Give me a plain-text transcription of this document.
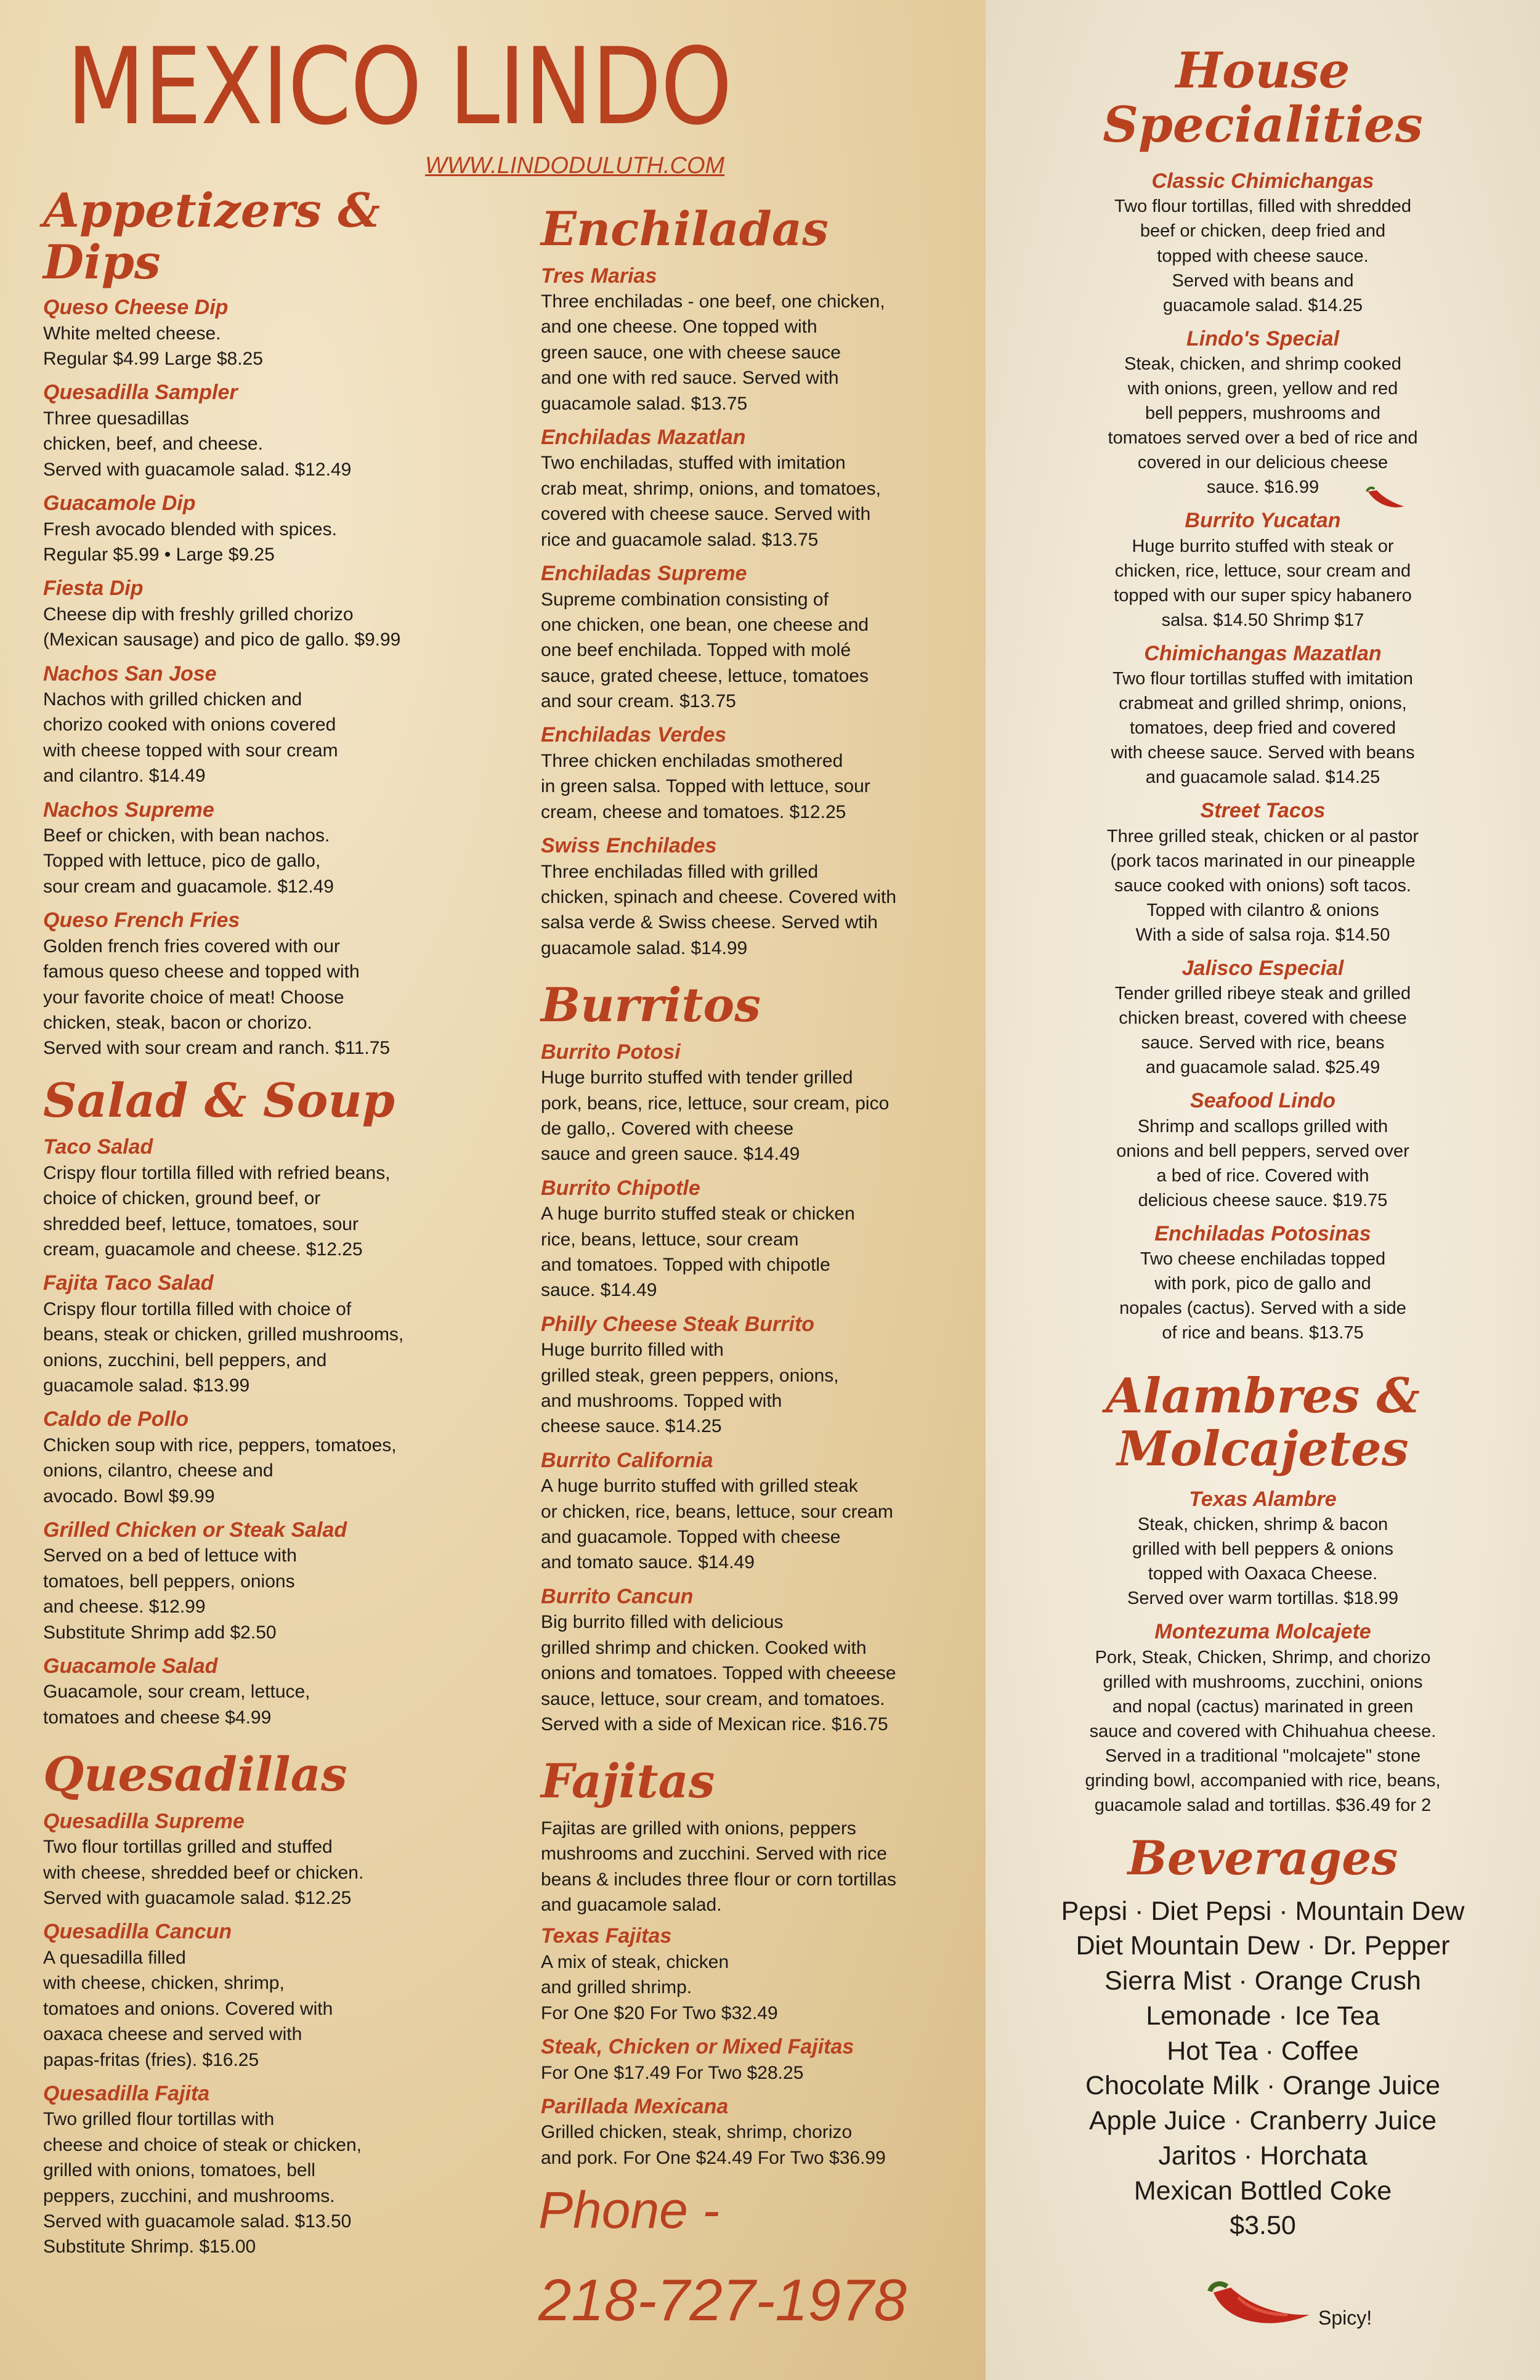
MEXICO LINDO
WWW.LINDODULUTH.COM
Appetizers & Dips
Queso Cheese Dip
White melted cheese.
Regular $4.99 Large $8.25
Quesadilla Sampler
Three quesadillas
chicken, beef, and cheese.
Served with guacamole salad. $12.49
Guacamole Dip
Fresh avocado blended with spices.
Regular $5.99 • Large $9.25
Fiesta Dip
Cheese dip with freshly grilled chorizo
(Mexican sausage) and pico de gallo. $9.99
Nachos San Jose
Nachos with grilled chicken and
chorizo cooked with onions covered
with cheese topped with sour cream
and cilantro. $14.49
Nachos Supreme
Beef or chicken, with bean nachos.
Topped with lettuce, pico de gallo,
sour cream and guacamole. $12.49
Queso French Fries
Golden french fries covered with our
famous queso cheese and topped with
your favorite choice of meat! Choose
chicken, steak, bacon or chorizo.
Served with sour cream and ranch. $11.75
Salad & Soup
Taco Salad
Crispy flour tortilla filled with refried beans,
choice of chicken, ground beef, or
shredded beef, lettuce, tomatoes, sour
cream, guacamole and cheese. $12.25
Fajita Taco Salad
Crispy flour tortilla filled with choice of
beans, steak or chicken, grilled mushrooms,
onions, zucchini, bell peppers, and
guacamole salad. $13.99
Caldo de Pollo
Chicken soup with rice, peppers, tomatoes,
onions, cilantro, cheese and
avocado. Bowl $9.99
Grilled Chicken or Steak Salad
Served on a bed of lettuce with
tomatoes, bell peppers, onions
and cheese. $12.99
Substitute Shrimp add $2.50
Guacamole Salad
Guacamole, sour cream, lettuce,
tomatoes and cheese $4.99
Quesadillas
Quesadilla Supreme
Two flour tortillas grilled and stuffed
with cheese, shredded beef or chicken.
Served with guacamole salad. $12.25
Quesadilla Cancun
A quesadilla filled
with cheese, chicken, shrimp,
tomatoes and onions. Covered with
oaxaca cheese and served with
papas-fritas (fries). $16.25
Quesadilla Fajita
Two grilled flour tortillas with
cheese and choice of steak or chicken,
grilled with onions, tomatoes, bell
peppers, zucchini, and mushrooms.
Served with guacamole salad. $13.50
Substitute Shrimp. $15.00
Enchiladas
Tres Marias
Three enchiladas - one beef, one chicken,
and one cheese. One topped with
green sauce, one with cheese sauce
and one with red sauce. Served with
guacamole salad. $13.75
Enchiladas Mazatlan
Two enchiladas, stuffed with imitation
crab meat, shrimp, onions, and tomatoes,
covered with cheese sauce. Served with
rice and guacamole salad. $13.75
Enchiladas Supreme
Supreme combination consisting of
one chicken, one bean, one cheese and
one beef enchilada. Topped with molé
sauce, grated cheese, lettuce, tomatoes
and sour cream. $13.75
Enchiladas Verdes
Three chicken enchiladas smothered
in green salsa. Topped with lettuce, sour
cream, cheese and tomatoes. $12.25
Swiss Enchilades
Three enchiladas filled with grilled
chicken, spinach and cheese. Covered with
salsa verde & Swiss cheese. Served wtih
guacamole salad. $14.99
Burritos
Burrito Potosi
Huge burrito stuffed with tender grilled
pork, beans, rice, lettuce, sour cream, pico
de gallo,. Covered with cheese
sauce and green sauce. $14.49
Burrito Chipotle
A huge burrito stuffed steak or chicken
rice, beans, lettuce, sour cream
and tomatoes. Topped with chipotle
sauce. $14.49
Philly Cheese Steak Burrito
Huge burrito filled with
grilled steak, green peppers, onions,
and mushrooms. Topped with
cheese sauce. $14.25
Burrito California
A huge burrito stuffed with grilled steak
or chicken, rice, beans, lettuce, sour cream
and guacamole. Topped with cheese
and tomato sauce. $14.49
Burrito Cancun
Big burrito filled with delicious
grilled shrimp and chicken. Cooked with
onions and tomatoes. Topped with cheeese
sauce, lettuce, sour cream, and tomatoes.
Served with a side of Mexican rice. $16.75
Fajitas
Fajitas are grilled with onions, peppers
mushrooms and zucchini. Served with rice
beans & includes three flour or corn tortillas
and guacamole salad.
Texas Fajitas
A mix of steak, chicken
and grilled shrimp.
For One $20 For Two $32.49
Steak, Chicken or Mixed Fajitas
For One $17.49 For Two $28.25
Parillada Mexicana
Grilled chicken, steak, shrimp, chorizo
and pork. For One $24.49 For Two $36.99
Phone -
218-727-1978
House Specialities
Classic Chimichangas
Two flour tortillas, filled with shredded
beef or chicken, deep fried and
topped with cheese sauce.
Served with beans and
guacamole salad. $14.25
Lindo's Special
Steak, chicken, and shrimp cooked
with onions, green, yellow and red
bell peppers, mushrooms and
tomatoes served over a bed of rice and
covered in our delicious cheese
sauce. $16.99
Burrito Yucatan
Huge burrito stuffed with steak or
chicken, rice, lettuce, sour cream and
topped with our super spicy habanero
salsa. $14.50 Shrimp $17
Chimichangas Mazatlan
Two flour tortillas stuffed with imitation
crabmeat and grilled shrimp, onions,
tomatoes, deep fried and covered
with cheese sauce. Served with beans
and guacamole salad. $14.25
Street Tacos
Three grilled steak, chicken or al pastor
(pork tacos marinated in our pineapple
sauce cooked with onions) soft tacos.
Topped with cilantro & onions
With a side of salsa roja. $14.50
Jalisco Especial
Tender grilled ribeye steak and grilled
chicken breast, covered with cheese
sauce. Served with rice, beans
and guacamole salad. $25.49
Seafood Lindo
Shrimp and scallops grilled with
onions and bell peppers, served over
a bed of rice. Covered with
delicious cheese sauce. $19.75
Enchiladas Potosinas
Two cheese enchiladas topped
with pork, pico de gallo and
nopales (cactus). Served with a side
of rice and beans. $13.75
Alambres & Molcajetes
Texas Alambre
Steak, chicken, shrimp & bacon
grilled with bell peppers & onions
topped with Oaxaca Cheese.
Served over warm tortillas. $18.99
Montezuma Molcajete
Pork, Steak, Chicken, Shrimp, and chorizo
grilled with mushrooms, zucchini, onions
and nopal (cactus) marinated in green
sauce and covered with Chihuahua cheese.
Served in a traditional "molcajete" stone
grinding bowl, accompanied with rice, beans,
guacamole salad and tortillas. $36.49 for 2
Beverages
Pepsi · Diet Pepsi · Mountain Dew
Diet Mountain Dew · Dr. Pepper
Sierra Mist · Orange Crush
Lemonade · Ice Tea
Hot Tea · Coffee
Chocolate Milk · Orange Juice
Apple Juice · Cranberry Juice
Jaritos · Horchata
Mexican Bottled Coke
$3.50
Spicy!
